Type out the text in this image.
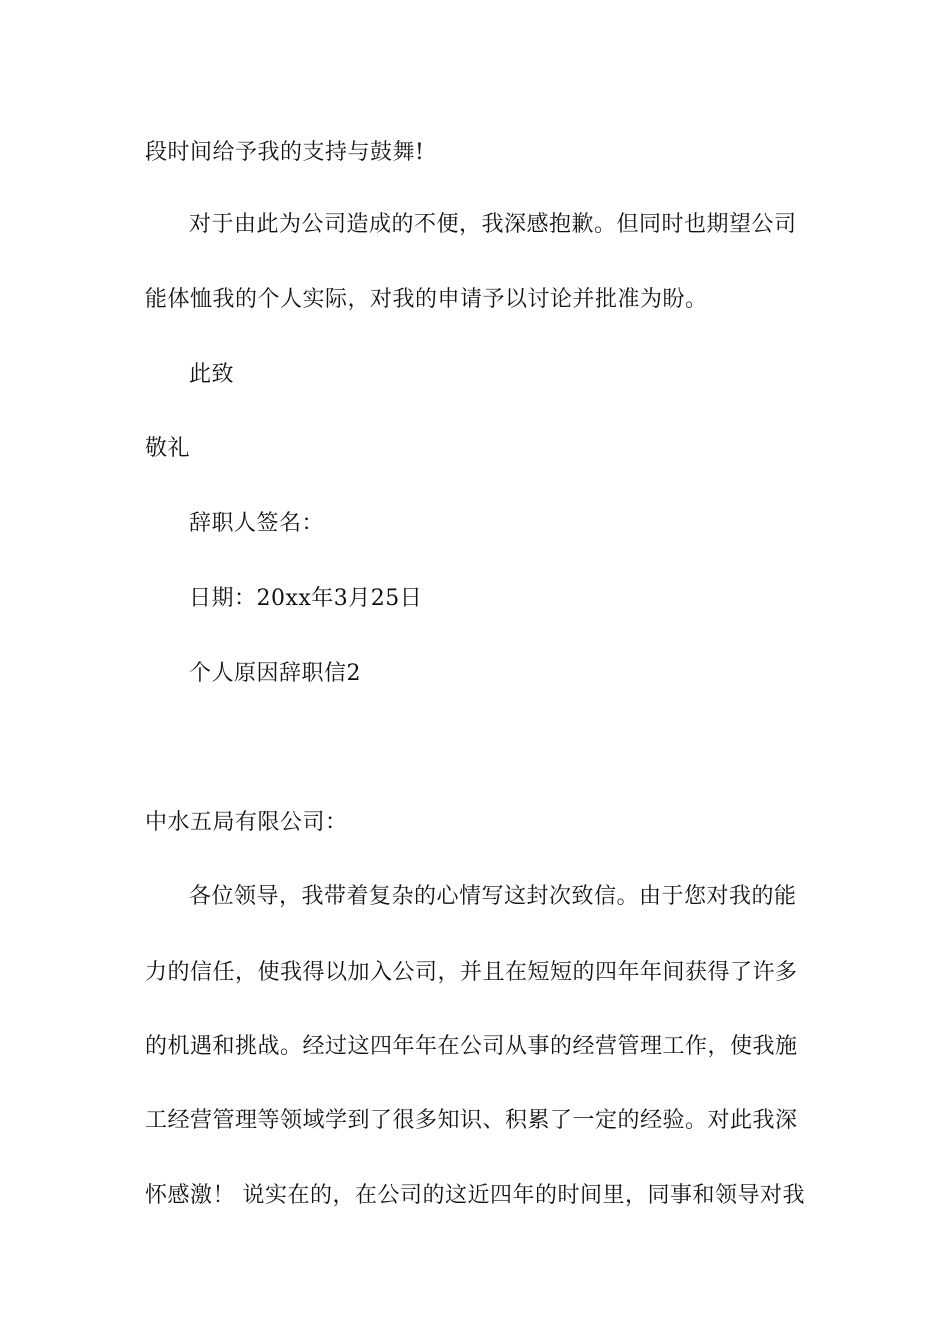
段时间给予我的支持与鼓舞!
对于由此为公司造成的不便，我深感抱歉。但同时也期望公司
能体恤我的个人实际，对我的申请予以讨论并批准为盼。
此致
敬礼
辞职人签名：
日期：20xx年3月25日
个人原因辞职信2
中水五局有限公司：
各位领导，我带着复杂的心情写这封次致信。由于您对我的能
力的信任，使我得以加入公司，并且在短短的四年年间获得了许多
的机遇和挑战。经过这四年年在公司从事的经营管理工作，使我施
工经营管理等领域学到了很多知识、积累了一定的经验。对此我深
怀感激！ 说实在的，在公司的这近四年的时间里，同事和领导对我
